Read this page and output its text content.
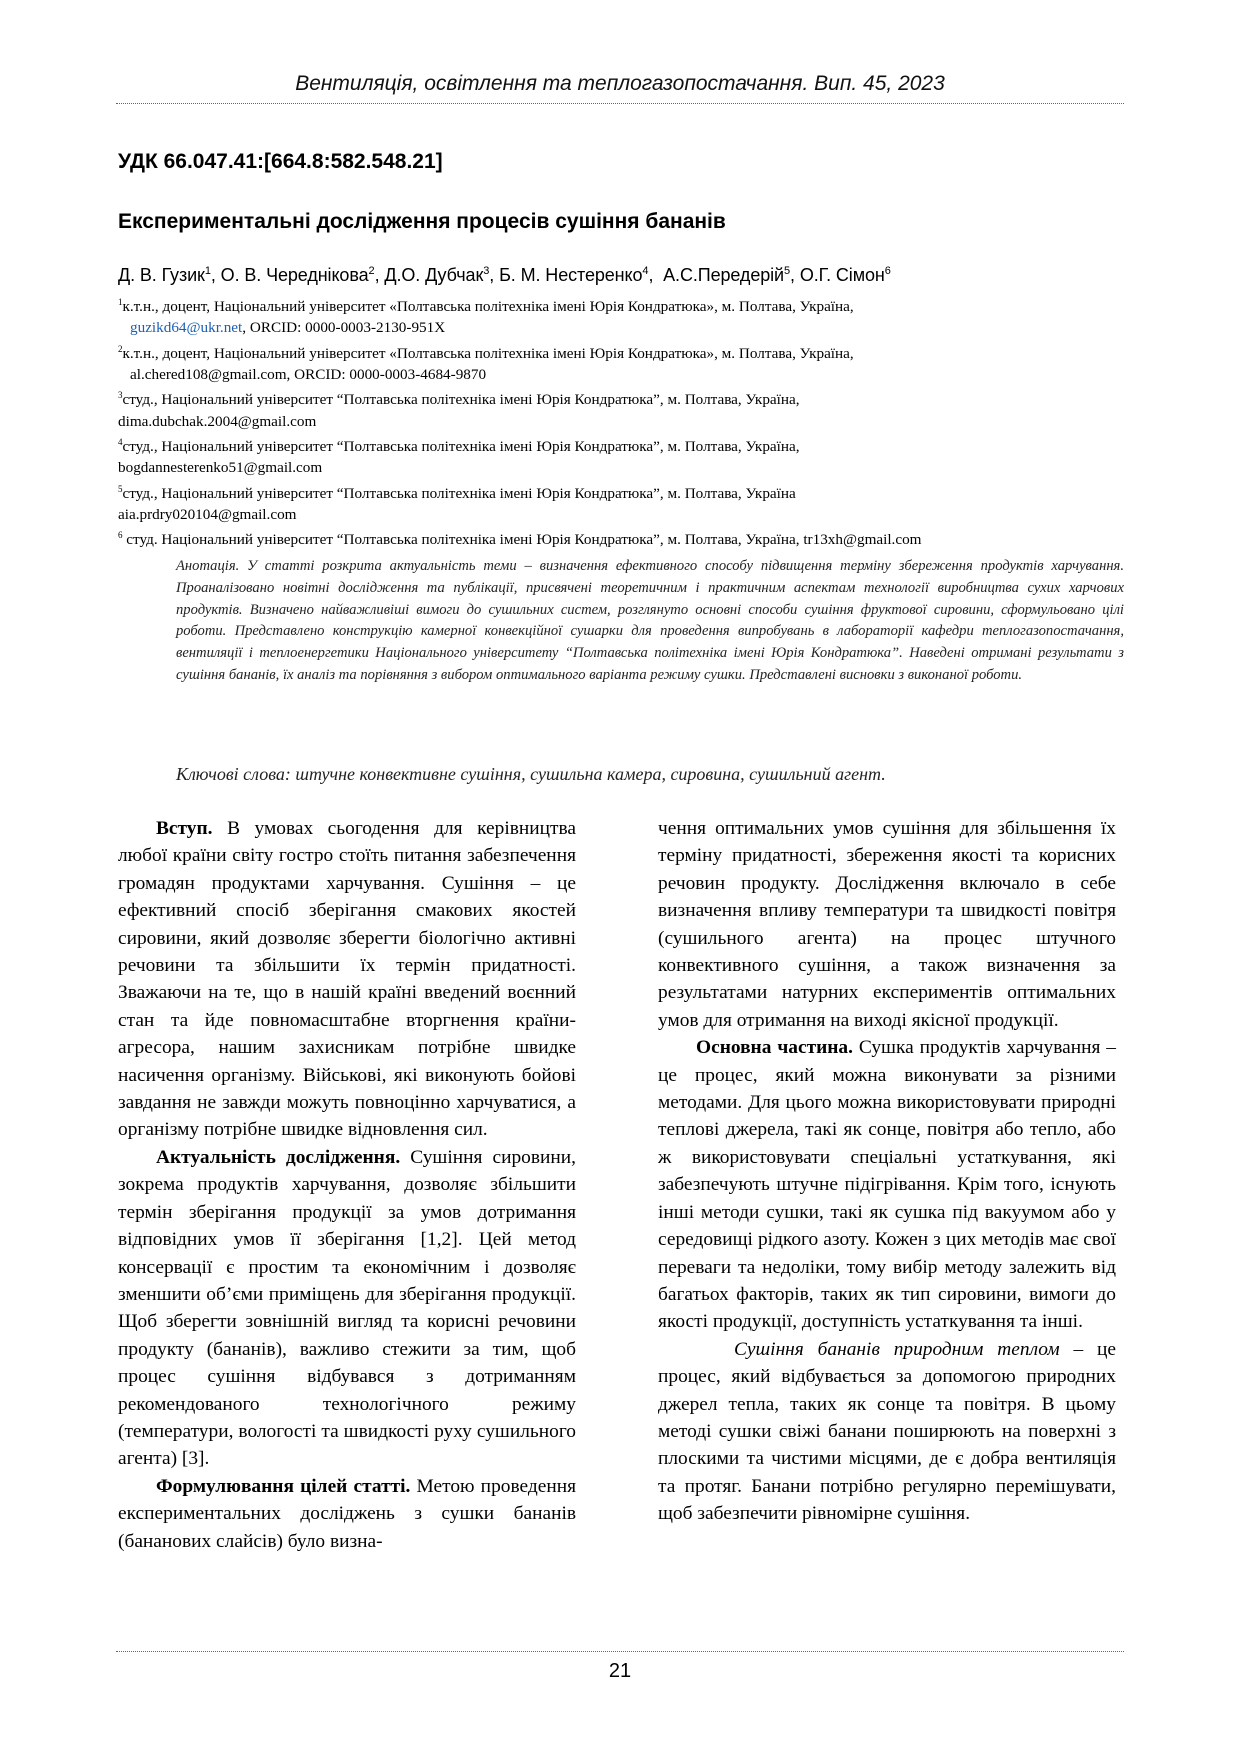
Вентиляція, освітлення та теплогазопостачання. Вип. 45, 2023
УДК 66.047.41:[664.8:582.548.21]
Експериментальні дослідження процесів сушіння бананів
Д. В. Гузик$^1$, О. В. Череднікова$^2$, Д.О. Дубчак$^3$, Б. М. Нестеренко$^4$,  А.С.Передерій$^5$, О.Г. Сімон$^6$
$^1$к.т.н., доцент, Національний університет «Полтавська політехніка імені Юрія Кондратюка», м. Полтава, Україна,
guzikd64@ukr.net, ORCID: 0000-0003-2130-951X
$^2$к.т.н., доцент, Національний університет «Полтавська політехніка імені Юрія Кондратюка», м. Полтава, Україна,
al.chered108@gmail.com, ORCID: 0000-0003-4684-9870
$^3$студ., Національний університет “Полтавська політехніка імені Юрія Кондратюка”, м. Полтава, Україна,
dima.dubchak.2004@gmail.com
$^4$студ., Національний університет “Полтавська політехніка імені Юрія Кондратюка”, м. Полтава, Україна,
bogdannesterenko51@gmail.com
$^5$студ., Національний університет “Полтавська політехніка імені Юрія Кондратюка”, м. Полтава, Україна
aia.prdry020104@gmail.com
$^6$ студ. Національний університет “Полтавська політехніка імені Юрія Кондратюка”, м. Полтава, Україна, tr13xh@gmail.com
Анотація. У статті розкрита актуальність теми – визначення ефективного способу підвищення терміну збереження продуктів харчування. Проаналізовано новітні дослідження та публікації, присвячені теоретичним і практичним аспектам технології виробництва сухих харчових продуктів. Визначено найважливіші вимоги до сушильних систем, розглянуто основні способи сушіння фруктової сировини, сформульовано цілі роботи. Представлено конструкцію камерної конвекційної сушарки для проведення випробувань в лабораторії кафедри теплогазопостачання, вентиляції і теплоенергетики Національного університету “Полтавська політехніка імені Юрія Кондратюка”. Наведені отримані результати з сушіння бананів, їх аналіз та порівняння з вибором оптимального варіанта режиму сушки. Представлені висновки з виконаної роботи.
Ключові слова: штучне конвективне сушіння, сушильна камера, сировина, сушильний агент.

Вступ. В умовах сьогодення для керівництва любої країни світу гостро стоїть питання забезпечення громадян продуктами харчування. Сушіння – це ефективний спосіб зберігання смакових якостей сировини, який дозволяє зберегти біологічно активні речовини та збільшити їх термін придатності. Зважаючи на те, що в нашій країні введений воєнний стан та йде повномасштабне вторгнення країни-агресора, нашим захисникам потрібне швидке насичення організму. Військові, які виконують бойові завдання не завжди можуть повноцінно харчуватися, а організму потрібне швидке відновлення сил.

Актуальність дослідження. Сушіння сировини, зокрема продуктів харчування, дозволяє збільшити термін зберігання продукції за умов дотримання відповідних умов її зберігання [1,2]. Цей метод консервації є простим та економічним і дозволяє зменшити об’єми приміщень для зберігання продукції. Щоб зберегти зовнішній вигляд та корисні речовини продукту (бананів), важливо стежити за тим, щоб процес сушіння відбувався з дотриманням рекомендованого технологічного режиму (температури, вологості та швидкості руху сушильного агента) [3].

Формулювання цілей статті. Метою проведення експериментальних досліджень з сушки бананів (бананових слайсів) було визна-

чення оптимальних умов сушіння для збільшення їх терміну придатності, збереження якості та корисних речовин продукту. Дослідження включало в себе визначення впливу температури та швидкості повітря (сушильного агента) на процес штучного конвективного сушіння, а також визначення за результатами натурних експериментів оптимальних умов для отримання на виході якісної продукції.

Основна частина. Сушка продуктів харчування – це процес, який можна виконувати за різними методами. Для цього можна використовувати природні теплові джерела, такі як сонце, повітря або тепло, або ж використовувати спеціальні устаткування, які забезпечують штучне підігрівання. Крім того, існують інші методи сушки, такі як сушка під вакуумом або у середовищі рідкого азоту. Кожен з цих методів має свої переваги та недоліки, тому вибір методу залежить від багатьох факторів, таких як тип сировини, вимоги до якості продукції, доступність устаткування та інші.

Сушіння бананів природним теплом – це процес, який відбувається за допомогою природних джерел тепла, таких як сонце та повітря. В цьому методі сушки свіжі банани поширюють на поверхні з плоскими та чистими місцями, де є добра вентиляція та протяг. Банани потрібно регулярно перемішувати, щоб забезпечити рівномірне сушіння.

21
